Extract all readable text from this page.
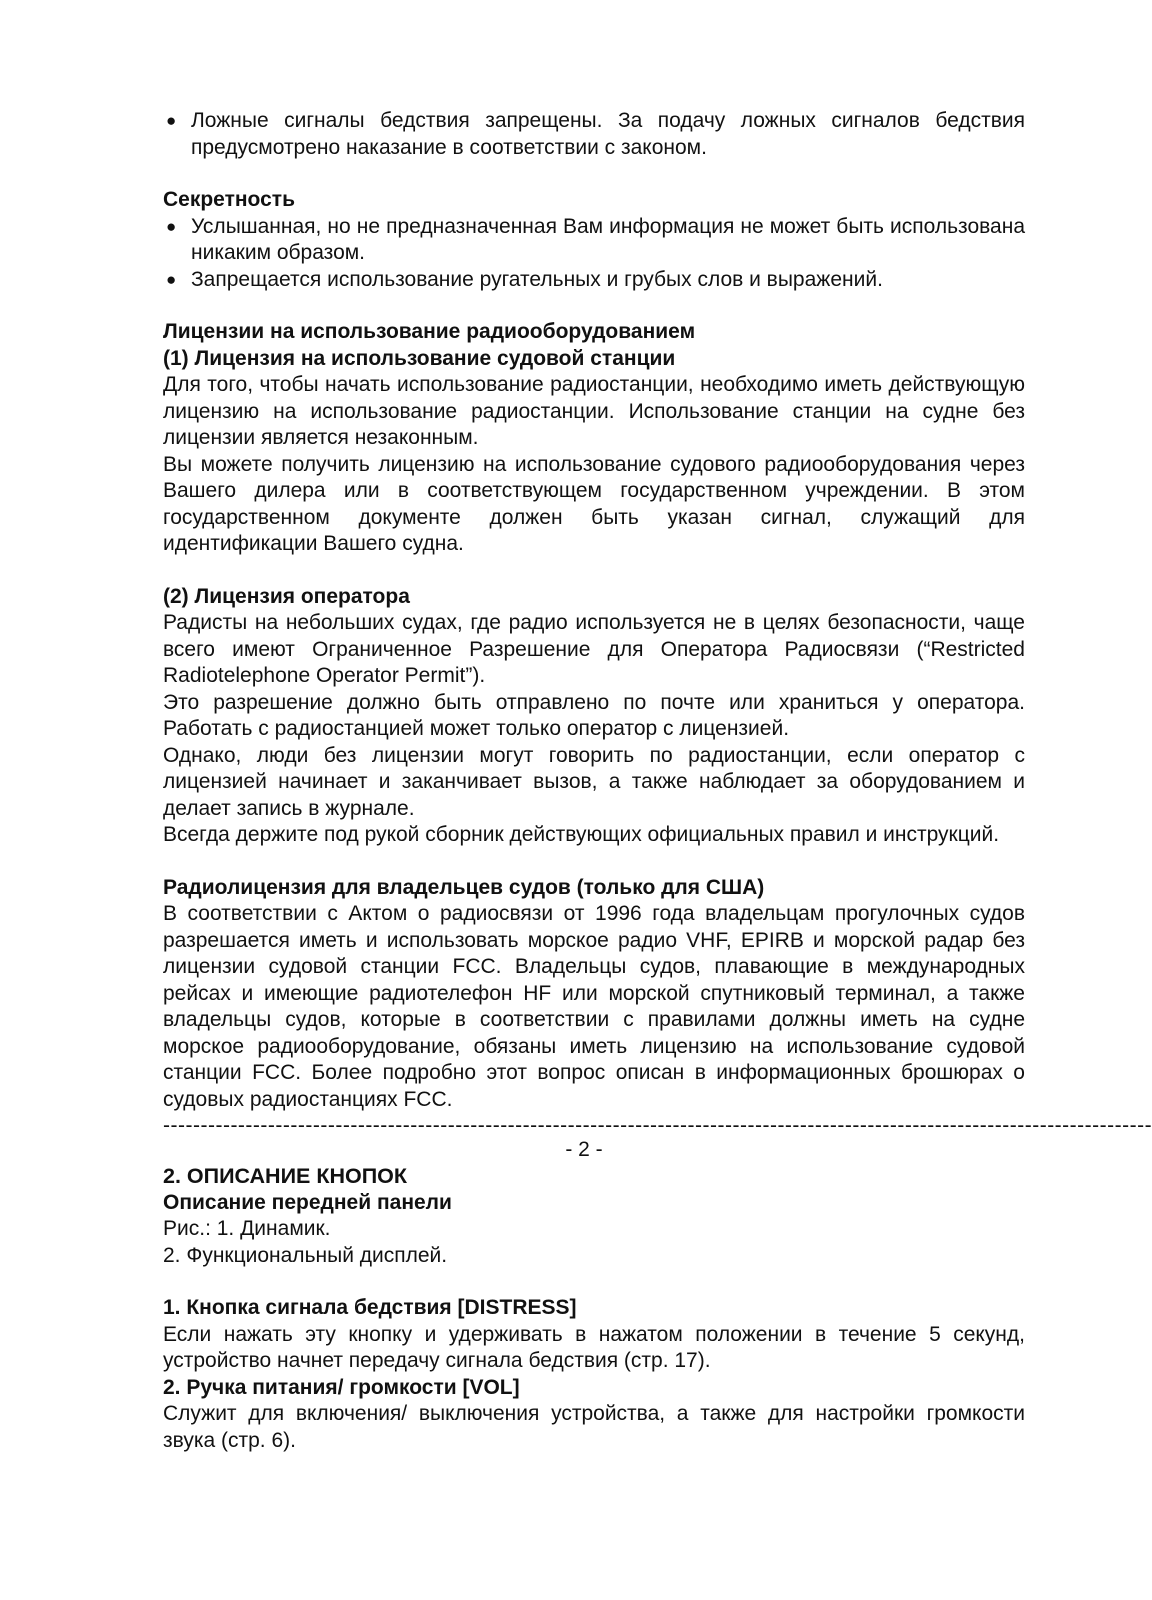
● Ложные сигналы бедствия запрещены. За подачу ложных сигналов бедствия предусмотрено наказание в соответствии с законом.

Секретность

● Услышанная, но не предназначенная Вам информация не может быть использована никаким образом.
● Запрещается использование ругательных и грубых слов и выражений.

Лицензии на использование радиооборудованием

(1) Лицензия на использование судовой станции

Для того, чтобы начать использование радиостанции, необходимо иметь действующую лицензию на использование радиостанции. Использование станции на судне без лицензии является незаконным.

Вы можете получить лицензию на использование судового радиооборудования через Вашего дилера или в соответствующем государственном учреждении. В этом государственном документе должен быть указан сигнал, служащий для идентификации Вашего судна.

(2) Лицензия оператора

Радисты на небольших судах, где радио используется не в целях безопасности, чаще всего имеют Ограниченное Разрешение для Оператора Радиосвязи (“Restricted Radiotelephone Operator Permit”).

Это разрешение должно быть отправлено по почте или храниться у оператора. Работать с радиостанцией может только оператор с лицензией.

Однако, люди без лицензии могут говорить по радиостанции, если оператор с лицензией начинает и заканчивает вызов, а также наблюдает за оборудованием и делает запись в журнале.

Всегда держите под рукой сборник действующих официальных правил и инструкций.

Радиолицензия для владельцев судов (только для США)

В соответствии с Актом о радиосвязи от 1996 года владельцам прогулочных судов разрешается иметь и использовать морское радио VHF, EPIRB и морской радар без лицензии судовой станции FCC. Владельцы судов, плавающие в международных рейсах и имеющие радиотелефон HF или морской спутниковый терминал, а также владельцы судов, которые в соответствии с правилами должны иметь на судне морское радиооборудование, обязаны иметь лицензию на использование судовой станции FCC. Более подробно этот вопрос описан в информационных брошюрах о судовых радиостанциях FCC.

------------------------------------------------------------------------------------------------------------------------------------
- 2 -

2. ОПИСАНИЕ КНОПОК

Описание передней панели

Рис.: 1. Динамик.

2. Функциональный дисплей.

1. Кнопка сигнала бедствия [DISTRESS]

Если нажать эту кнопку и удерживать в нажатом положении в течение 5 секунд, устройство начнет передачу сигнала бедствия (стр. 17).

2. Ручка питания/ громкости [VOL]

Служит для включения/ выключения устройства, а также для настройки громкости звука (стр. 6).
